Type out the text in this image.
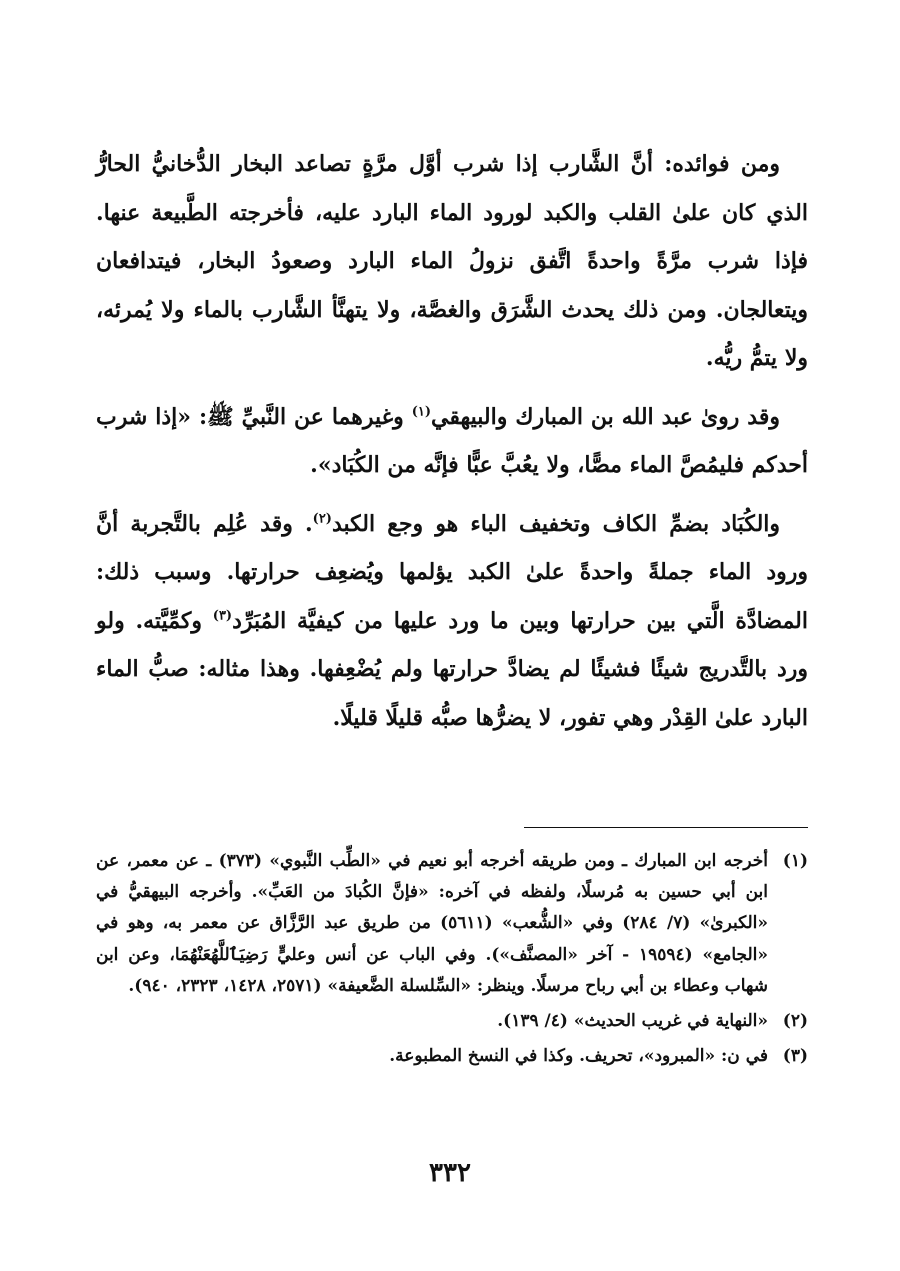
ومن فوائده: أنَّ الشَّارب إذا شرب أوَّل مرَّةٍ تصاعد البخار الدُّخانيُّ الحارُّ الذي كان علىٰ القلب والكبد لورود الماء البارد عليه، فأخرجته الطَّبيعة عنها. فإذا شرب مرَّةً واحدةً اتَّفق نزولُ الماء البارد وصعودُ البخار، فيتدافعان ويتعالجان. ومن ذلك يحدث الشَّرَق والغصَّة، ولا يتهنَّأ الشَّارب بالماء ولا يُمرئه، ولا يتمُّ ريُّه.

وقد روىٰ عبد الله بن المبارك والبيهقي$^{(١)}$ وغيرهما عن النَّبيِّ ﷺ: «إذا شرب أحدكم فليمُصَّ الماء مصًّا، ولا يعُبَّ عبًّا فإنَّه من الكُبَاد».

والكُبَاد بضمِّ الكاف وتخفيف الباء هو وجع الكبد$^{(٢)}$. وقد عُلِم بالتَّجربة أنَّ ورود الماء جملةً واحدةً علىٰ الكبد يؤلمها ويُضعِف حرارتها. وسبب ذلك: المضادَّة الَّتي بين حرارتها وبين ما ورد عليها من كيفيَّة المُبَرِّد$^{(٣)}$ وكمِّيَّته. ولو ورد بالتَّدريج شيئًا فشيئًا لم يضادَّ حرارتها ولم يُضْعِفها. وهذا مثاله: صبُّ الماء البارد علىٰ القِدْر وهي تفور، لا يضرُّها صبُّه قليلًا قليلًا.

(١)
أخرجه ابن المبارك ـ ومن طريقه أخرجه أبو نعيم في «الطِّب النَّبوي» (٣٧٣) ـ عن معمر، عن ابن أبي حسين به مُرسلًا، ولفظه في آخره: «فإنَّ الكُبادَ من العَبِّ». وأخرجه البيهقيُّ في «الكبرىٰ» (٧/ ٢٨٤) وفي «الشُّعب» (٥٦١١) من طريق عبد الرَّزَّاق عن معمر به، وهو في «الجامع» (١٩٥٩٤ - آخر «المصنَّف»). وفي الباب عن أنس وعليٍّ رَضِيَٱللَّهُعَنْهُمَا، وعن ابن شهاب وعطاء بن أبي رباح مرسلًا. وينظر: «السِّلسلة الضَّعيفة» (٢٥٧١، ١٤٢٨، ٢٣٢٣، ٩٤٠).
(٢)
«النهاية في غريب الحديث» (٤/ ١٣٩).
(٣)
في ن: «المبرود»، تحريف. وكذا في النسخ المطبوعة.
٣٣٢
